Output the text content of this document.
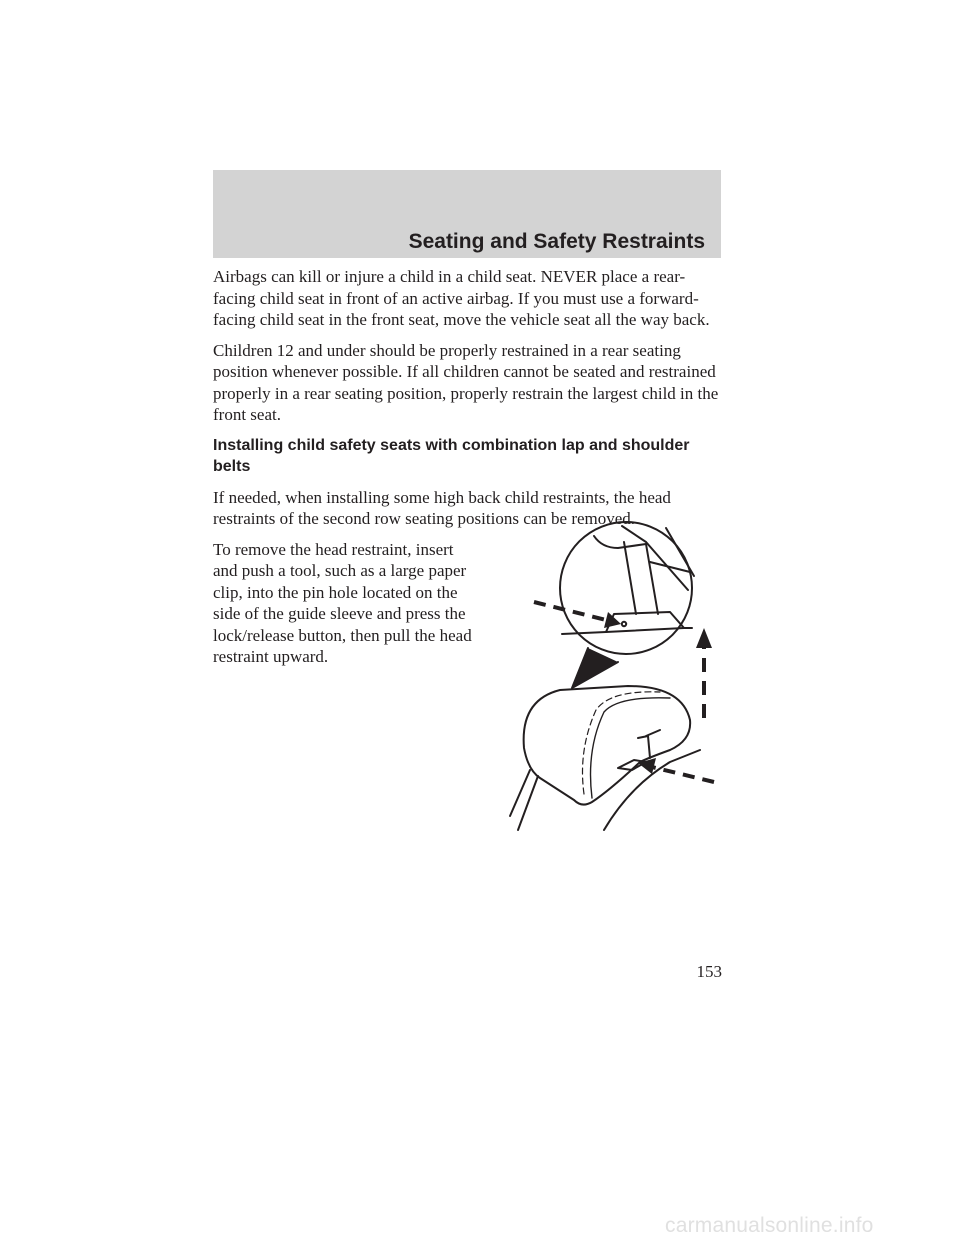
Seating and Safety Restraints

Airbags can kill or injure a child in a child seat. NEVER place a rear-facing child seat in front of an active airbag. If you must use a forward-facing child seat in the front seat, move the vehicle seat all the way back.

Children 12 and under should be properly restrained in a rear seating position whenever possible. If all children cannot be seated and restrained properly in a rear seating position, properly restrain the largest child in the front seat.

Installing child safety seats with combination lap and shoulder belts

If needed, when installing some high back child restraints, the head restraints of the second row seating positions can be removed.

To remove the head restraint, insert and push a tool, such as a large paper clip, into the pin hole located on the side of the guide sleeve and press the lock/release button, then pull the head restraint upward.

153
carmanualsonline.info
